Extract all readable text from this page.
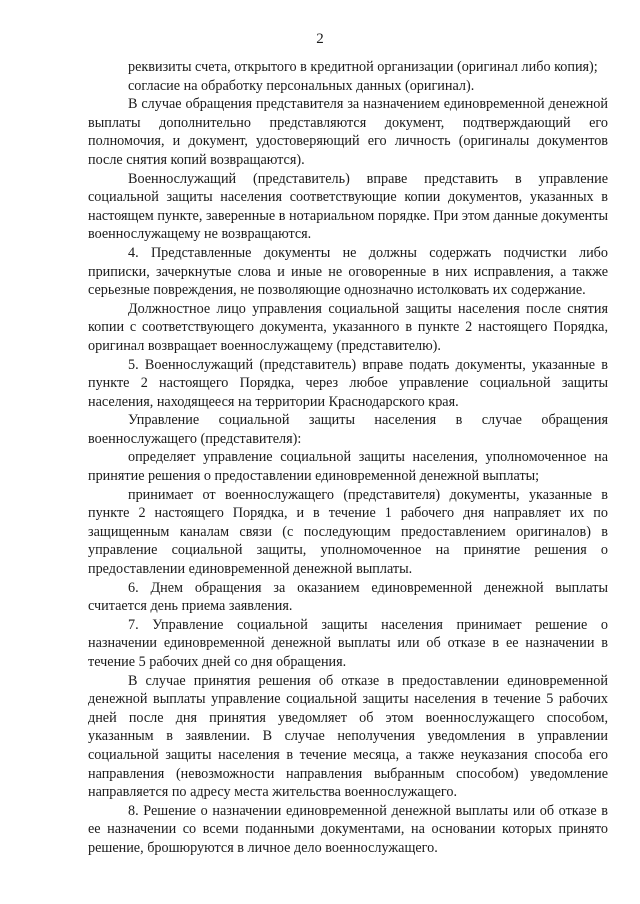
2

реквизиты счета, открытого в кредитной организации (оригинал либо копия);

согласие на обработку персональных данных (оригинал).

В случае обращения представителя за назначением единовременной денежной выплаты дополнительно представляются документ, подтверждающий его полномочия, и документ, удостоверяющий его личность (оригиналы документов после снятия копий возвращаются).

Военнослужащий (представитель) вправе представить в управление социальной защиты населения соответствующие копии документов, указанных в настоящем пункте, заверенные в нотариальном порядке. При этом данные документы военнослужащему не возвращаются.

4. Представленные документы не должны содержать подчистки либо приписки, зачеркнутые слова и иные не оговоренные в них исправления, а также серьезные повреждения, не позволяющие однозначно истолковать их содержание.

Должностное лицо управления социальной защиты населения после снятия копии с соответствующего документа, указанного в пункте 2 настоящего Порядка, оригинал возвращает военнослужащему (представителю).

5. Военнослужащий (представитель) вправе подать документы, указанные в пункте 2 настоящего Порядка, через любое управление социальной защиты населения, находящееся на территории Краснодарского края.

Управление социальной защиты населения в случае обращения военнослужащего (представителя):

определяет управление социальной защиты населения, уполномоченное на принятие решения о предоставлении единовременной денежной выплаты;

принимает от военнослужащего (представителя) документы, указанные в пункте 2 настоящего Порядка, и в течение 1 рабочего дня направляет их по защищенным каналам связи (с последующим предоставлением оригиналов) в управление социальной защиты, уполномоченное на принятие решения о предоставлении единовременной денежной выплаты.

6. Днем обращения за оказанием единовременной денежной выплаты считается день приема заявления.

7. Управление социальной защиты населения принимает решение о назначении единовременной денежной выплаты или об отказе в ее назначении в течение 5 рабочих дней со дня обращения.

В случае принятия решения об отказе в предоставлении единовременной денежной выплаты управление социальной защиты населения в течение 5 рабочих дней после дня принятия уведомляет об этом военнослужащего способом, указанным в заявлении. В случае неполучения уведомления в управлении социальной защиты населения в течение месяца, а также неуказания способа его направления (невозможности направления выбранным способом) уведомление направляется по адресу места жительства военнослужащего.

8. Решение о назначении единовременной денежной выплаты или об отказе в ее назначении со всеми поданными документами, на основании которых принято решение, брошюруются в личное дело военнослужащего.
